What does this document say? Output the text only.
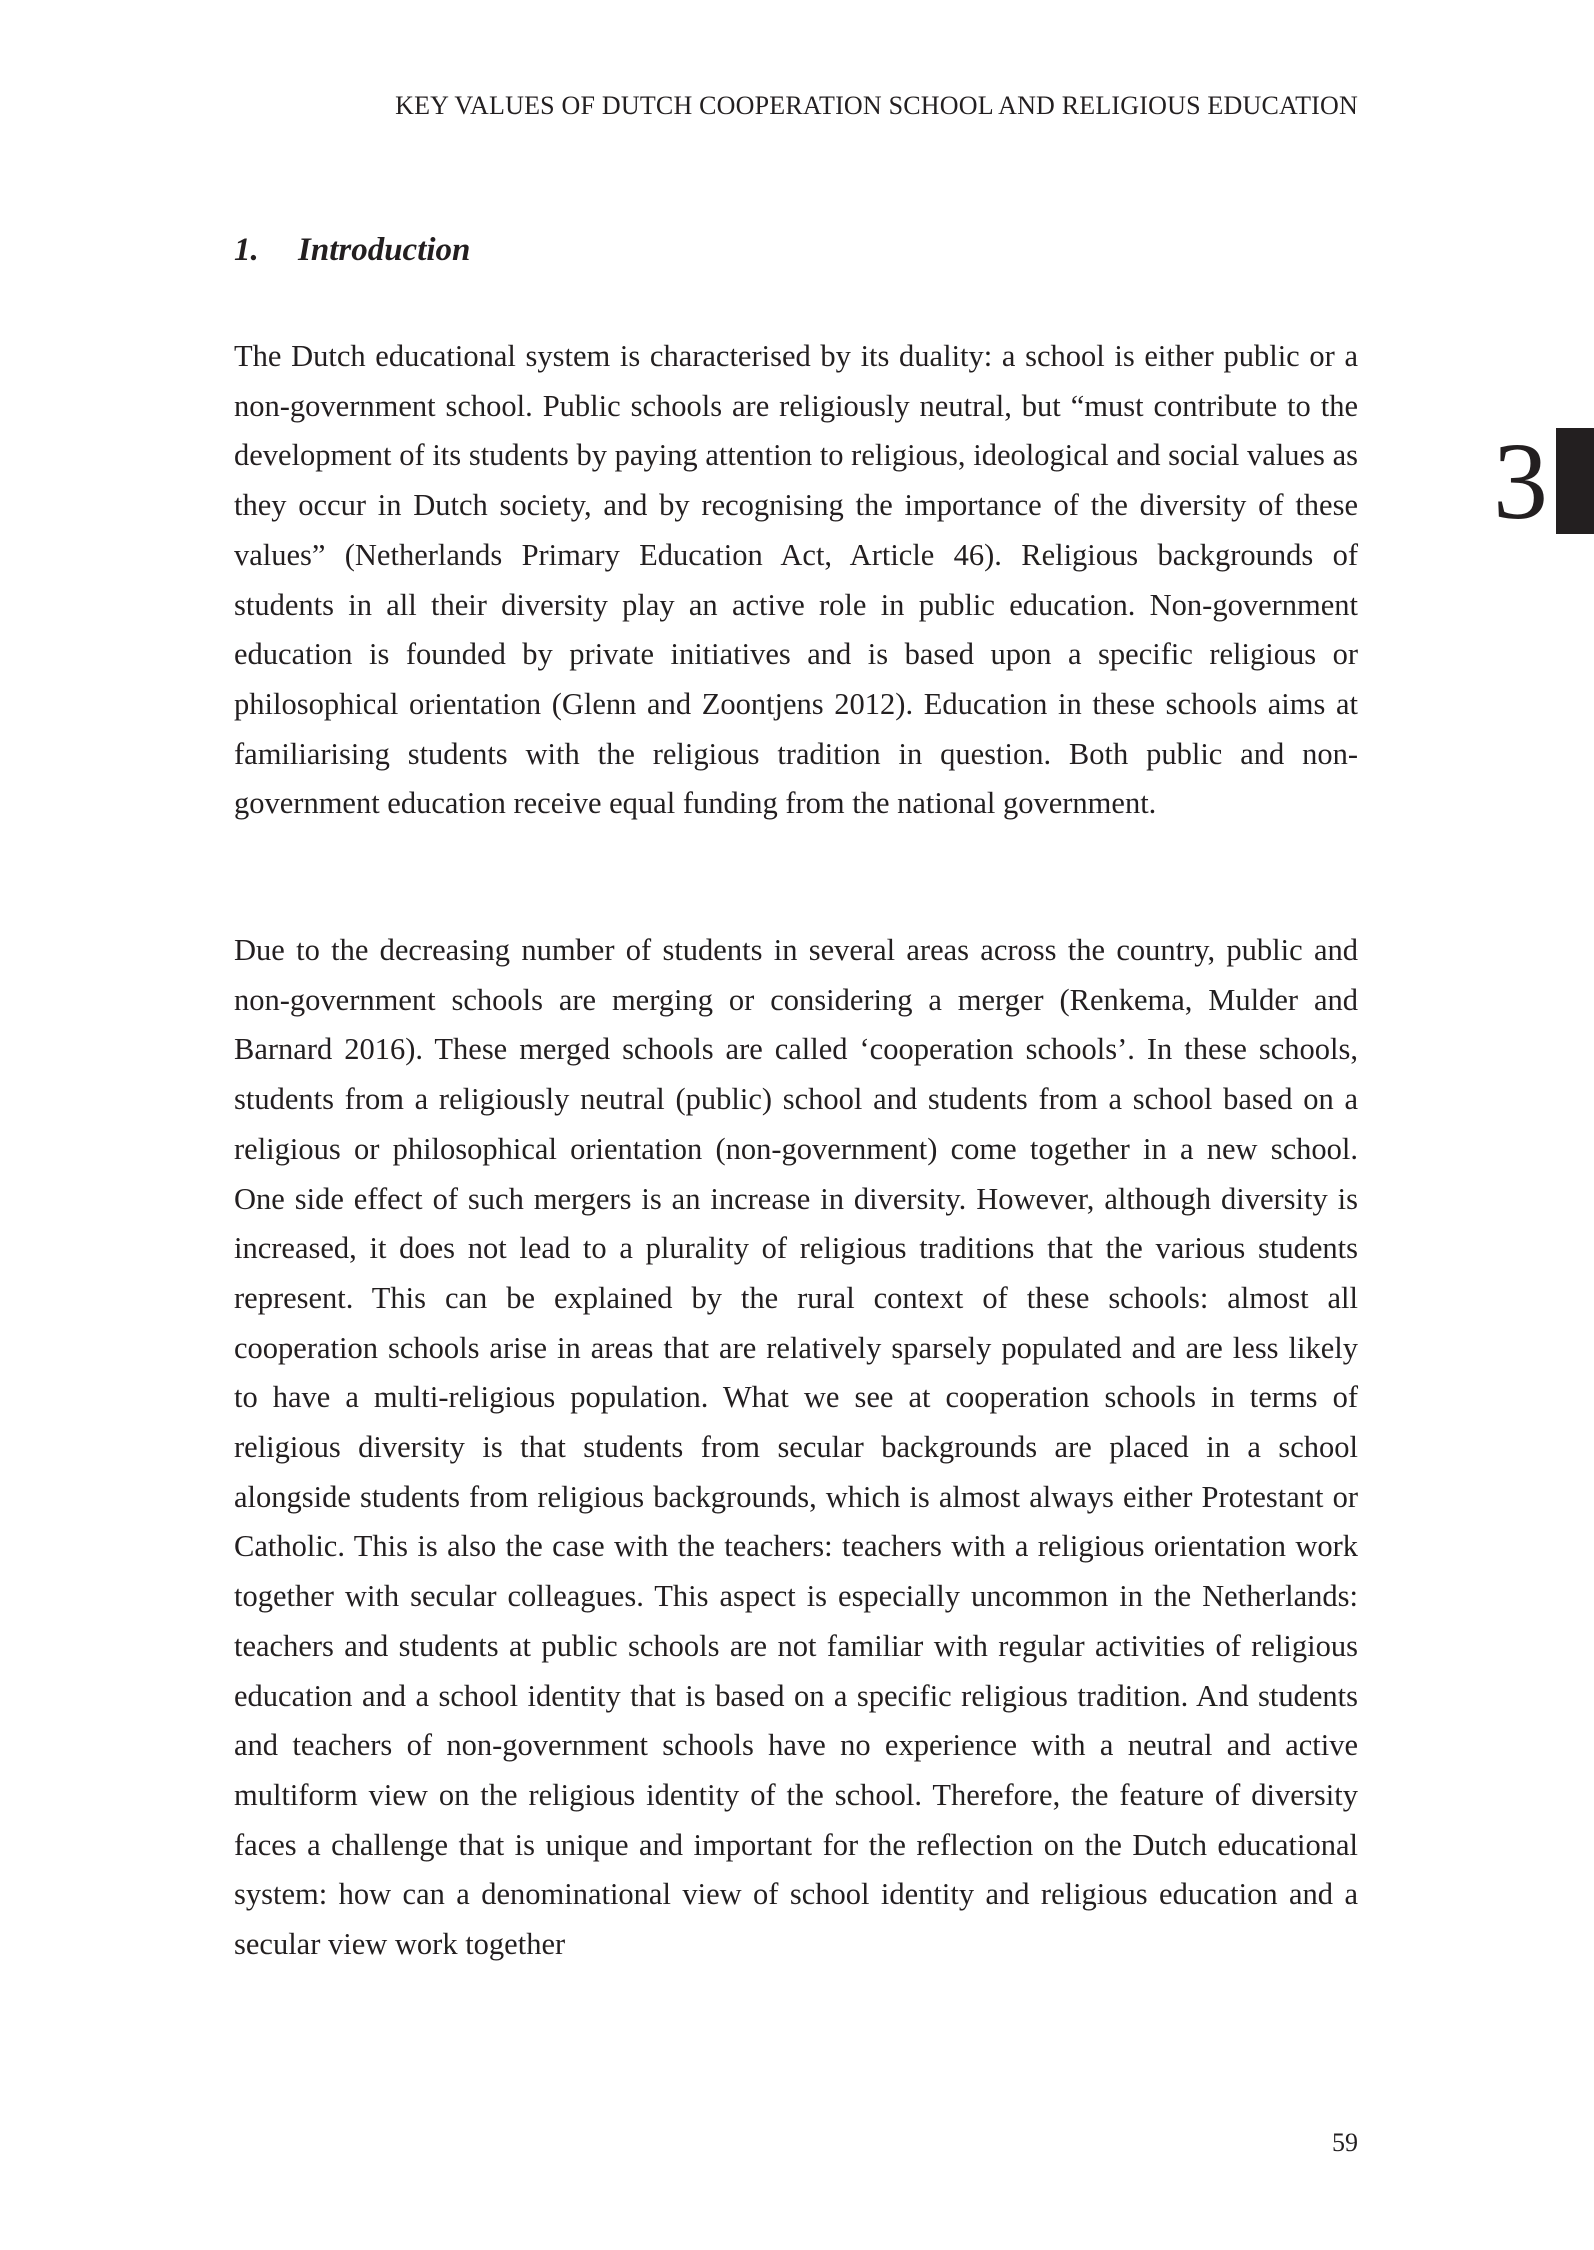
KEY VALUES OF DUTCH COOPERATION SCHOOL AND RELIGIOUS EDUCATION
1. Introduction

The Dutch educational system is characterised by its duality: a school is either public or a non-government school. Public schools are religiously neutral, but “must contribute to the development of its students by paying attention to religious, ideological and social values as they occur in Dutch society, and by recognising the importance of the diversity of these values” (Netherlands Primary Education Act, Article 46). Religious backgrounds of students in all their diversity play an active role in public education. Non-government education is founded by private initiatives and is based upon a specific religious or philosophical orientation (Glenn and Zoontjens 2012). Education in these schools aims at familiarising students with the religious tradition in question. Both public and non-government education receive equal funding from the national government.

Due to the decreasing number of students in several areas across the country, public and non-government schools are merging or considering a merger (Renkema, Mulder and Barnard 2016). These merged schools are called ‘cooperation schools’. In these schools, students from a religiously neutral (public) school and students from a school based on a religious or philosophical orientation (non-government) come together in a new school. One side effect of such mergers is an increase in diversity. However, although diversity is increased, it does not lead to a plurality of religious traditions that the various students represent. This can be explained by the rural context of these schools: almost all cooperation schools arise in areas that are relatively sparsely populated and are less likely to have a multi-religious population. What we see at cooperation schools in terms of religious diversity is that students from secular backgrounds are placed in a school alongside students from religious backgrounds, which is almost always either Protestant or Catholic. This is also the case with the teachers: teachers with a religious orientation work together with secular colleagues. This aspect is especially uncommon in the Netherlands: teachers and students at public schools are not familiar with regular activities of religious education and a school identity that is based on a specific religious tradition. And students and teachers of non-government schools have no experience with a neutral and active multiform view on the religious identity of the school. Therefore, the feature of diversity faces a challenge that is unique and important for the reflection on the Dutch educational system: how can a denominational view of school identity and religious education and a secular view work together

3
59
